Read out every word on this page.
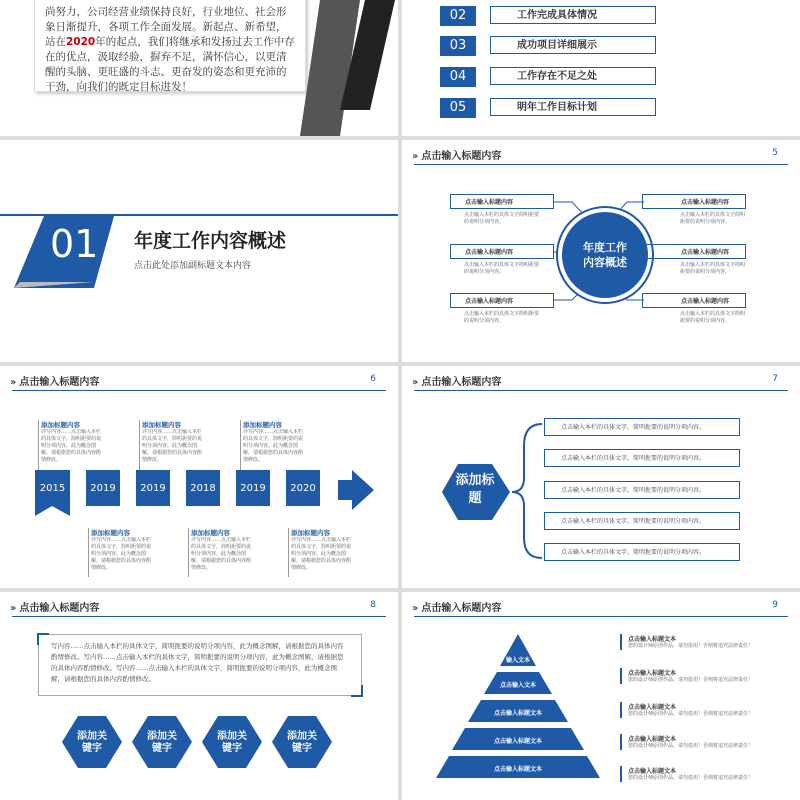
尚努力，公司经营业绩保持良好，行业地位、社会形象日渐提升，各项工作全面发展。新起点、新希望，站在2020年的起点，我们将继承和发扬过去工作中存在的优点，汲取经验，摒弃不足，满怀信心，以更清醒的头脑、更旺盛的斗志、更奋发的姿态和更充沛的干劲，向我们的既定目标进发！
02	工作完成具体情况
03	成功项目详细展示
04	工作存在不足之处
05	明年工作目标计划
01 年度工作内容概述
点击此处添加副标题文本内容
››› 点击输入标题内容	5
年度工作内容概述
点击输入标题内容
点击输入本栏的具体文字简明扼要的说明分项内容。
点击输入标题内容
点击输入本栏的具体文字简明扼要的说明分项内容。
点击输入标题内容
点击输入本栏的具体文字简明扼要的说明分项内容。
点击输入标题内容
点击输入本栏的具体文字简明扼要的说明分项内容。
点击输入标题内容
点击输入本栏的具体文字简明扼要的说明分项内容。
点击输入标题内容
点击输入本栏的具体文字简明扼要的说明分项内容。
››› 点击输入标题内容	6
添加标题内容
详写内容……点击输入本栏的具体文字，简明扼要的说明分项内容。此为概念图解，请根据您的具体内容酌情修改。
添加标题内容
详写内容……点击输入本栏的具体文字，简明扼要的说明分项内容。此为概念图解，请根据您的具体内容酌情修改。
添加标题内容
详写内容……点击输入本栏的具体文字，简明扼要的说明分项内容。此为概念图解，请根据您的具体内容酌情修改。
2015	2019	2019	2018	2019	2020
添加标题内容
详写内容……点击输入本栏的具体文字，简明扼要的说明分项内容。此为概念图解，请根据您的具体内容酌情修改。
添加标题内容
详写内容……点击输入本栏的具体文字，简明扼要的说明分项内容。此为概念图解，请根据您的具体内容酌情修改。
添加标题内容
详写内容……点击输入本栏的具体文字，简明扼要的说明分项内容。此为概念图解，请根据您的具体内容酌情修改。
››› 点击输入标题内容	7
添加标题
点击输入本栏的具体文字，简明扼要的说明分项内容。
点击输入本栏的具体文字，简明扼要的说明分项内容。
点击输入本栏的具体文字，简明扼要的说明分项内容。
点击输入本栏的具体文字，简明扼要的说明分项内容。
点击输入本栏的具体文字，简明扼要的说明分项内容。
››› 点击输入标题内容	8
写内容……点击输入本栏的具体文字，简明扼要的说明分项内容，此为概念图解，请根据您的具体内容酌情修改。写内容……点击输入本栏的具体文字，简明扼要的说明分项内容，此为概念图解，请根据您的具体内容酌情修改。写内容……点击输入本栏的具体文字，简明扼要的说明分项内容，此为概念图解，请根据您的具体内容酌情修改。
添加关键字
添加关键字
添加关键字
添加关键字
››› 点击输入标题内容	9
输入文本
点击输入文本
点击输入标题文本
点击输入标题文本
点击输入标题文本
点击输入标题文本
您的设计师原创作品，请勿盗用！否则将追究法律责任！
点击输入标题文本
您的设计师原创作品，请勿盗用！否则将追究法律责任！
点击输入标题文本
您的设计师原创作品，请勿盗用！否则将追究法律责任！
点击输入标题文本
您的设计师原创作品，请勿盗用！否则将追究法律责任！
点击输入标题文本
您的设计师原创作品，请勿盗用！否则将追究法律责任！
